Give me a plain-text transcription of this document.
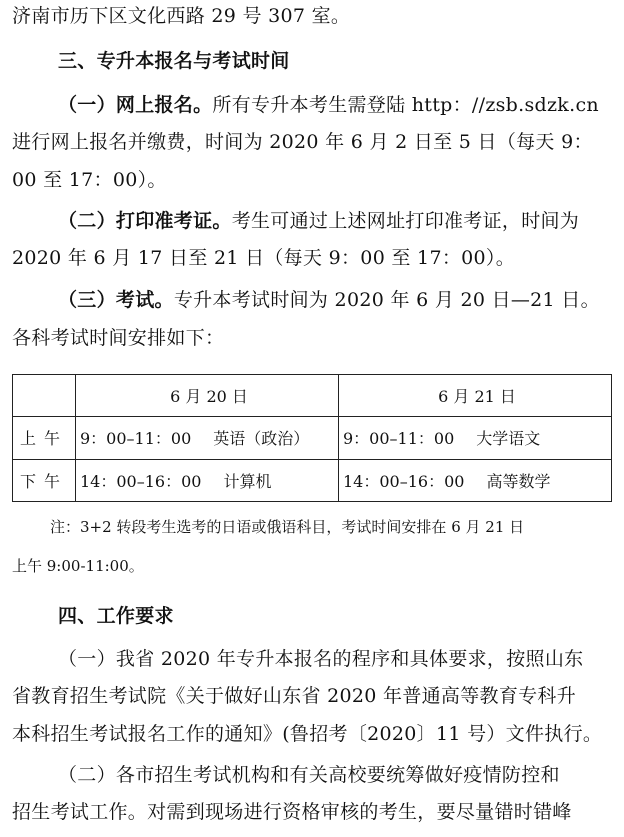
济南市历下区文化西路 29 号 307 室。
三、专升本报名与考试时间
（一）网上报名。所有专升本考生需登陆 http：//zsb.sdzk.cn
进行网上报名并缴费，时间为 2020 年 6 月 2 日至 5 日（每天 9：
00 至 17：00）。
（二）打印准考证。考生可通过上述网址打印准考证，时间为
2020 年 6 月 17 日至 21 日（每天 9：00 至 17：00）。
（三）考试。专升本考试时间为 2020 年 6 月 20 日—21 日。
各科考试时间安排如下：
	6 月 20 日	6 月 21 日
上午	9：00–11：00 英语（政治）	9：00–11：00 大学语文
下午	14：00–16：00 计算机	14：00–16：00 高等数学
注：3+2 转段考生选考的日语或俄语科目，考试时间安排在 6 月 21 日
上午 9:00-11:00。
四、工作要求
（一）我省 2020 年专升本报名的程序和具体要求，按照山东
省教育招生考试院《关于做好山东省 2020 年普通高等教育专科升
本科招生考试报名工作的通知》(鲁招考〔2020〕11 号）文件执行。
（二）各市招生考试机构和有关高校要统筹做好疫情防控和
招生考试工作。对需到现场进行资格审核的考生，要尽量错时错峰
